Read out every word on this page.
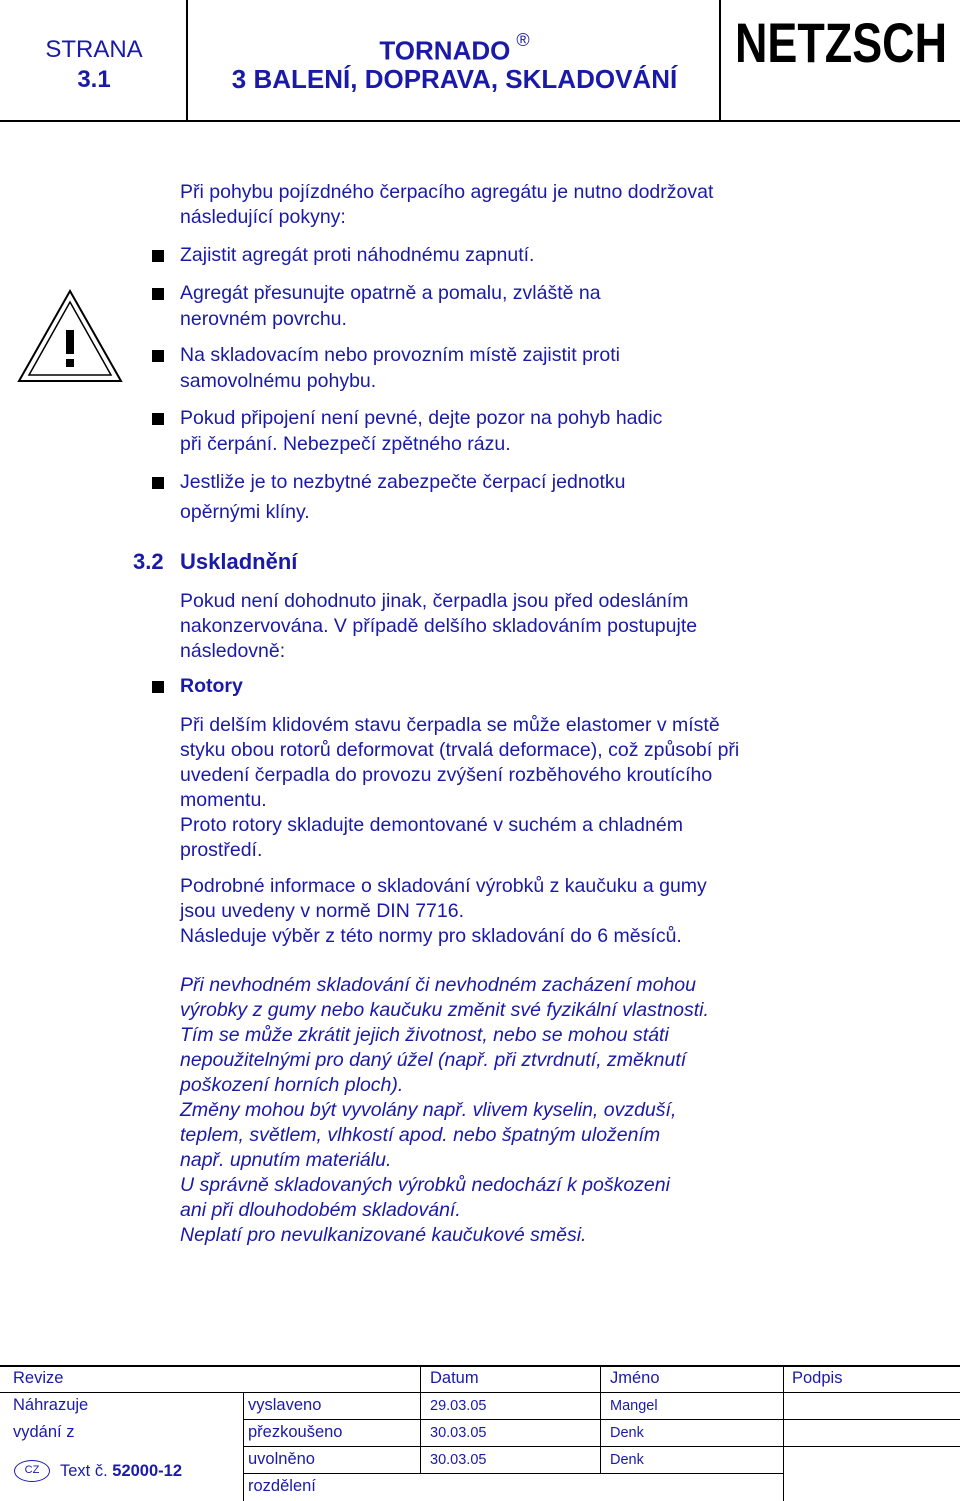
STRANA
3.1
TORNADO ®
3 BALENÍ, DOPRAVA, SKLADOVÁNÍ
NETZSCH
Při pohybu pojízdného čerpacího agregátu je nutno dodržovat
následující pokyny:
Zajistit agregát proti náhodnému zapnutí.
Agregát přesunujte opatrně a pomalu, zvláště na
nerovném povrchu.
Na skladovacím nebo provozním místě zajistit proti
samovolnému pohybu.
Pokud připojení není pevné, dejte pozor na pohyb hadic
při čerpání. Nebezpečí zpětného rázu.
Jestliže je to nezbytné zabezpečte čerpací jednotku
opěrnými klíny.
3.2 Uskladnění
Pokud není dohodnuto jinak, čerpadla jsou před odesláním
nakonzervována. V případě delšího skladováním postupujte
následovně:
Rotory
Při delším klidovém stavu čerpadla se může elastomer v místě
styku obou rotorů deformovat (trvalá deformace), což způsobí při
uvedení čerpadla do provozu zvýšení rozběhového kroutícího
momentu.
Proto rotory skladujte demontované v suchém a chladném
prostředí.
Podrobné informace o skladování výrobků z kaučuku a gumy
jsou uvedeny v normě DIN 7716.
Následuje výběr z této normy pro skladování do 6 měsíců.
Při nevhodném skladování či nevhodném zacházení mohou
výrobky z gumy nebo kaučuku změnit své fyzikální vlastnosti.
Tím se může zkrátit jejich životnost, nebo se mohou státi
nepoužitelnými pro daný úžel (např. při ztvrdnutí, změknutí
poškození horních ploch).
Změny mohou být vyvolány např. vlivem kyselin, ovzduší,
teplem, světlem, vlhkostí apod. nebo špatným uložením
např. upnutím materiálu.
U správně skladovaných výrobků nedochází k poškozeni
ani při dlouhodobém skladování.
Neplatí pro nevulkanizované kaučukové směsi.
Revize	Datum	Jméno	Podpis
Náhrazuje
vydání z
vyslaveno	29.03.05	Mangel
přezkoušeno	30.03.05	Denk
uvolněno	30.03.05	Denk
rozdělení
CZ	Text č. 52000-12
